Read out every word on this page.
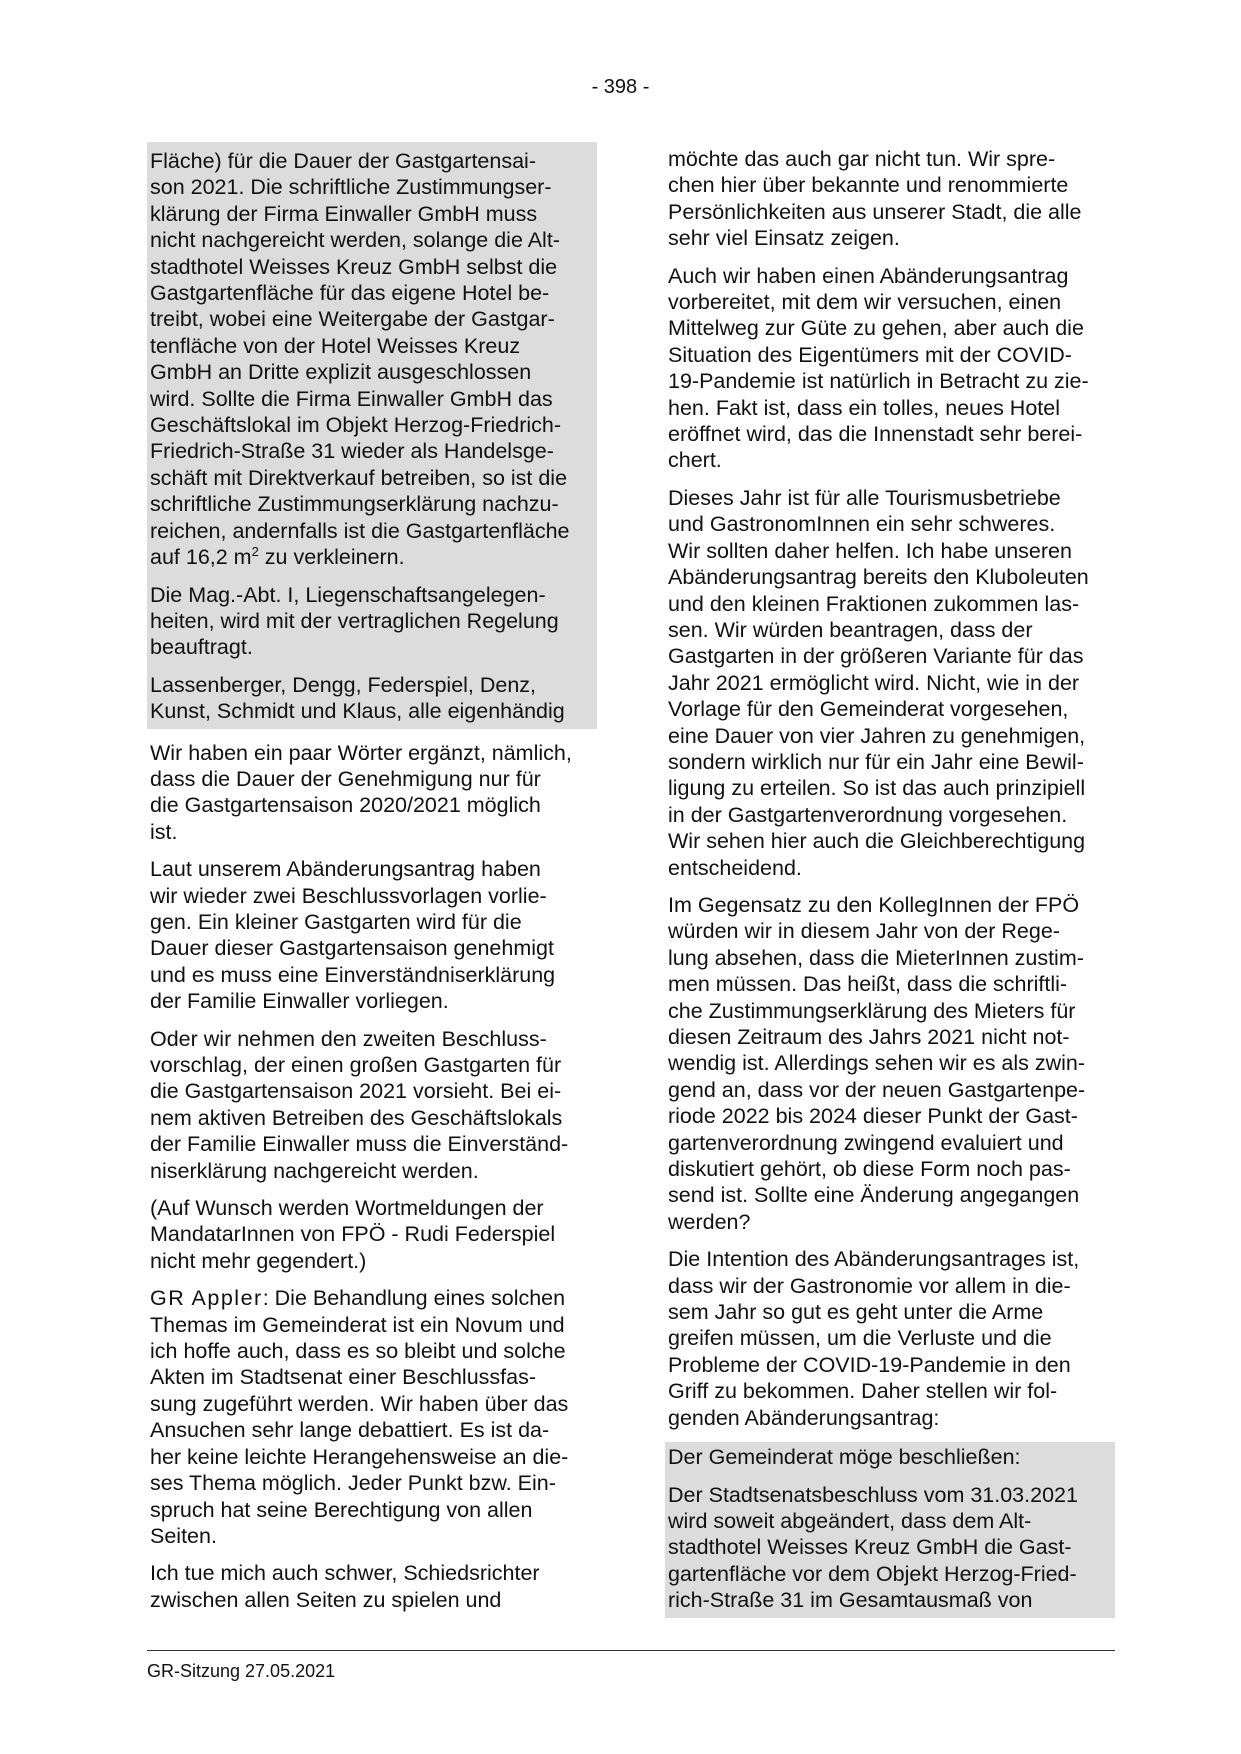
- 398 -

Fläche) für die Dauer der Gastgartensai-
son 2021. Die schriftliche Zustimmungser-
klärung der Firma Einwaller GmbH muss
nicht nachgereicht werden, solange die Alt-
stadthotel Weisses Kreuz GmbH selbst die
Gastgartenfläche für das eigene Hotel be-
treibt, wobei eine Weitergabe der Gastgar-
tenfläche von der Hotel Weisses Kreuz
GmbH an Dritte explizit ausgeschlossen
wird. Sollte die Firma Einwaller GmbH das
Geschäftslokal im Objekt Herzog-Friedrich-
Friedrich-Straße 31 wieder als Handelsge-
schäft mit Direktverkauf betreiben, so ist die
schriftliche Zustimmungserklärung nachzu-
reichen, andernfalls ist die Gastgartenfläche
auf 16,2 $m^2$ zu verkleinern.

Die Mag.-Abt. I, Liegenschaftsangelegen-
heiten, wird mit der vertraglichen Regelung
beauftragt.

Lassenberger, Dengg, Federspiel, Denz,
Kunst, Schmidt und Klaus, alle eigenhändig

Wir haben ein paar Wörter ergänzt, nämlich,
dass die Dauer der Genehmigung nur für
die Gastgartensaison 2020/2021 möglich
ist.

Laut unserem Abänderungsantrag haben
wir wieder zwei Beschlussvorlagen vorlie-
gen. Ein kleiner Gastgarten wird für die
Dauer dieser Gastgartensaison genehmigt
und es muss eine Einverständniserklärung
der Familie Einwaller vorliegen.

Oder wir nehmen den zweiten Beschluss-
vorschlag, der einen großen Gastgarten für
die Gastgartensaison 2021 vorsieht. Bei ei-
nem aktiven Betreiben des Geschäftslokals
der Familie Einwaller muss die Einverständ-
niserklärung nachgereicht werden.

(Auf Wunsch werden Wortmeldungen der
MandatarInnen von FPÖ - Rudi Federspiel
nicht mehr gegendert.)

GR Appler: Die Behandlung eines solchen
Themas im Gemeinderat ist ein Novum und
ich hoffe auch, dass es so bleibt und solche
Akten im Stadtsenat einer Beschlussfas-
sung zugeführt werden. Wir haben über das
Ansuchen sehr lange debattiert. Es ist da-
her keine leichte Herangehensweise an die-
ses Thema möglich. Jeder Punkt bzw. Ein-
spruch hat seine Berechtigung von allen
Seiten.

Ich tue mich auch schwer, Schiedsrichter
zwischen allen Seiten zu spielen und

möchte das auch gar nicht tun. Wir spre-
chen hier über bekannte und renommierte
Persönlichkeiten aus unserer Stadt, die alle
sehr viel Einsatz zeigen.

Auch wir haben einen Abänderungsantrag
vorbereitet, mit dem wir versuchen, einen
Mittelweg zur Güte zu gehen, aber auch die
Situation des Eigentümers mit der COVID-
19-Pandemie ist natürlich in Betracht zu zie-
hen. Fakt ist, dass ein tolles, neues Hotel
eröffnet wird, das die Innenstadt sehr berei-
chert.

Dieses Jahr ist für alle Tourismusbetriebe
und GastronomInnen ein sehr schweres.
Wir sollten daher helfen. Ich habe unseren
Abänderungsantrag bereits den Kluboleuten
und den kleinen Fraktionen zukommen las-
sen. Wir würden beantragen, dass der
Gastgarten in der größeren Variante für das
Jahr 2021 ermöglicht wird. Nicht, wie in der
Vorlage für den Gemeinderat vorgesehen,
eine Dauer von vier Jahren zu genehmigen,
sondern wirklich nur für ein Jahr eine Bewil-
ligung zu erteilen. So ist das auch prinzipiell
in der Gastgartenverordnung vorgesehen.
Wir sehen hier auch die Gleichberechtigung
entscheidend.

Im Gegensatz zu den KollegInnen der FPÖ
würden wir in diesem Jahr von der Rege-
lung absehen, dass die MieterInnen zustim-
men müssen. Das heißt, dass die schriftli-
che Zustimmungserklärung des Mieters für
diesen Zeitraum des Jahrs 2021 nicht not-
wendig ist. Allerdings sehen wir es als zwin-
gend an, dass vor der neuen Gastgartenpe-
riode 2022 bis 2024 dieser Punkt der Gast-
gartenverordnung zwingend evaluiert und
diskutiert gehört, ob diese Form noch pas-
send ist. Sollte eine Änderung angegangen
werden?

Die Intention des Abänderungsantrages ist,
dass wir der Gastronomie vor allem in die-
sem Jahr so gut es geht unter die Arme
greifen müssen, um die Verluste und die
Probleme der COVID-19-Pandemie in den
Griff zu bekommen. Daher stellen wir fol-
genden Abänderungsantrag:

Der Gemeinderat möge beschließen:

Der Stadtsenatsbeschluss vom 31.03.2021
wird soweit abgeändert, dass dem Alt-
stadthotel Weisses Kreuz GmbH die Gast-
gartenfläche vor dem Objekt Herzog-Fried-
rich-Straße 31 im Gesamtausmaß von

GR-Sitzung 27.05.2021
